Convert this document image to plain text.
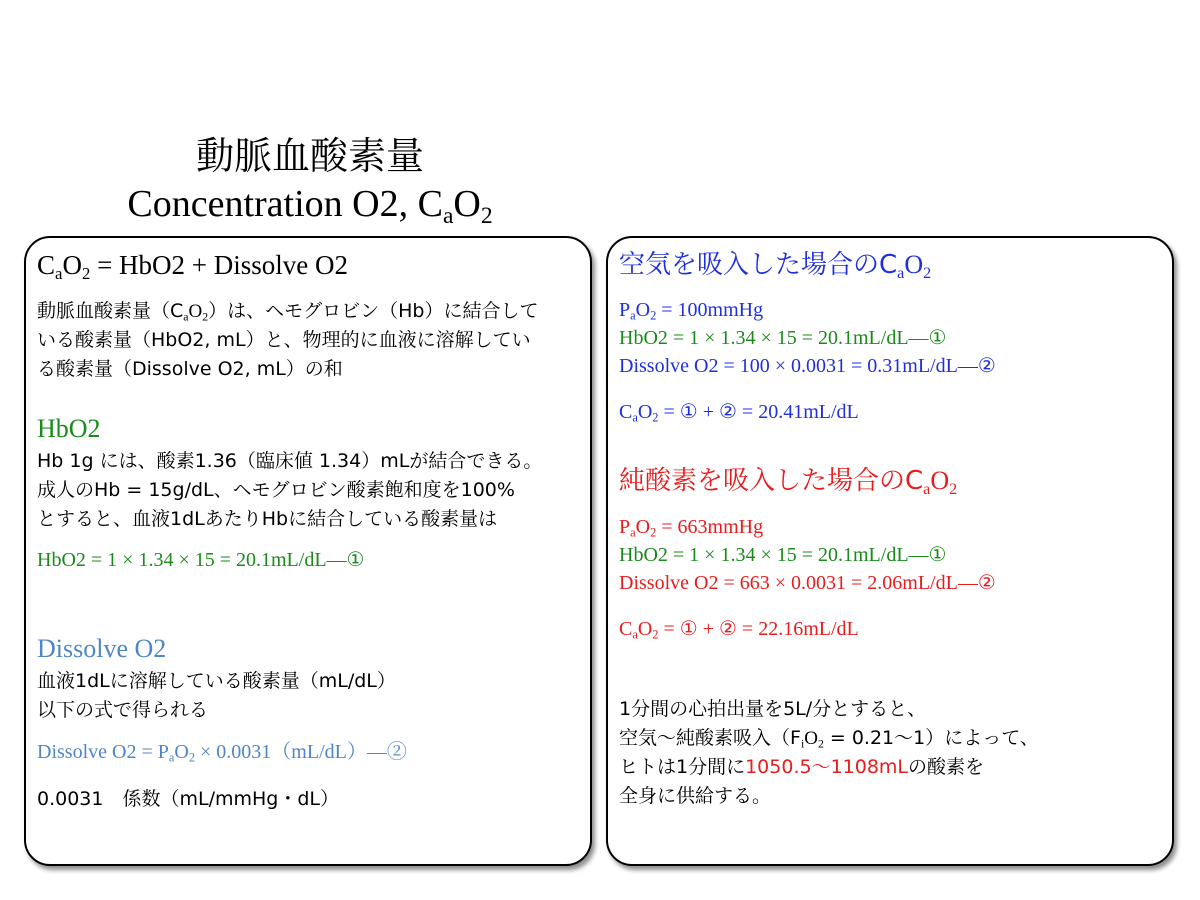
動脈血酸素量
Concentration O2, $C_aO_2$
$C_aO_2 = HbO2$ + Dissolve O2
動脈血酸素量$(C_aO_2)$は、ヘモグロビン（Hb）に結合して
いる酸素量（HbO2, mL）と、物理的に血液に溶解してい
る酸素量（Dissolve O2, mL）の和
HbO2
Hb 1g には、酸素1.36（臨床値 1.34）mLが結合できる。
成人のHb = 15g/dL、ヘモグロビン酸素飽和度を100%
とすると、血液1dLあたりHbに結合している酸素量は
HbO2 = 1 × 1.34 × 15 = 20.1mL/dL―①
Dissolve O2
血液1dLに溶解している酸素量（mL/dL）
以下の式で得られる
Dissolve $O2 = P_aO_2$ × 0.0031（mL/dL）―②
0.0031　係数（mL/mmHg・dL）
空気を吸入した場合の$C_aO_2$
$P_aO_2$ = 100mmHg
HbO2 = 1 × 1.34 × 15 = 20.1mL/dL―①
Dissolve O2 = 100 × 0.0031 = 0.31mL/dL―②
$C_aO_2$ = ① + ② = 20.41mL/dL
純酸素を吸入した場合の$C_aO_2$
$P_aO_2$ = 663mmHg
HbO2 = 1 × 1.34 × 15 = 20.1mL/dL―①
Dissolve O2 = 663 × 0.0031 = 2.06mL/dL―②
$C_aO_2$ = ① + ② = 22.16mL/dL
1分間の心拍出量を5L/分とすると、
空気〜純酸素吸入（$F_iO_2 = 0.21$〜1）によって、
ヒトは1分間に1050.5〜1108mLの酸素を
全身に供給する。
